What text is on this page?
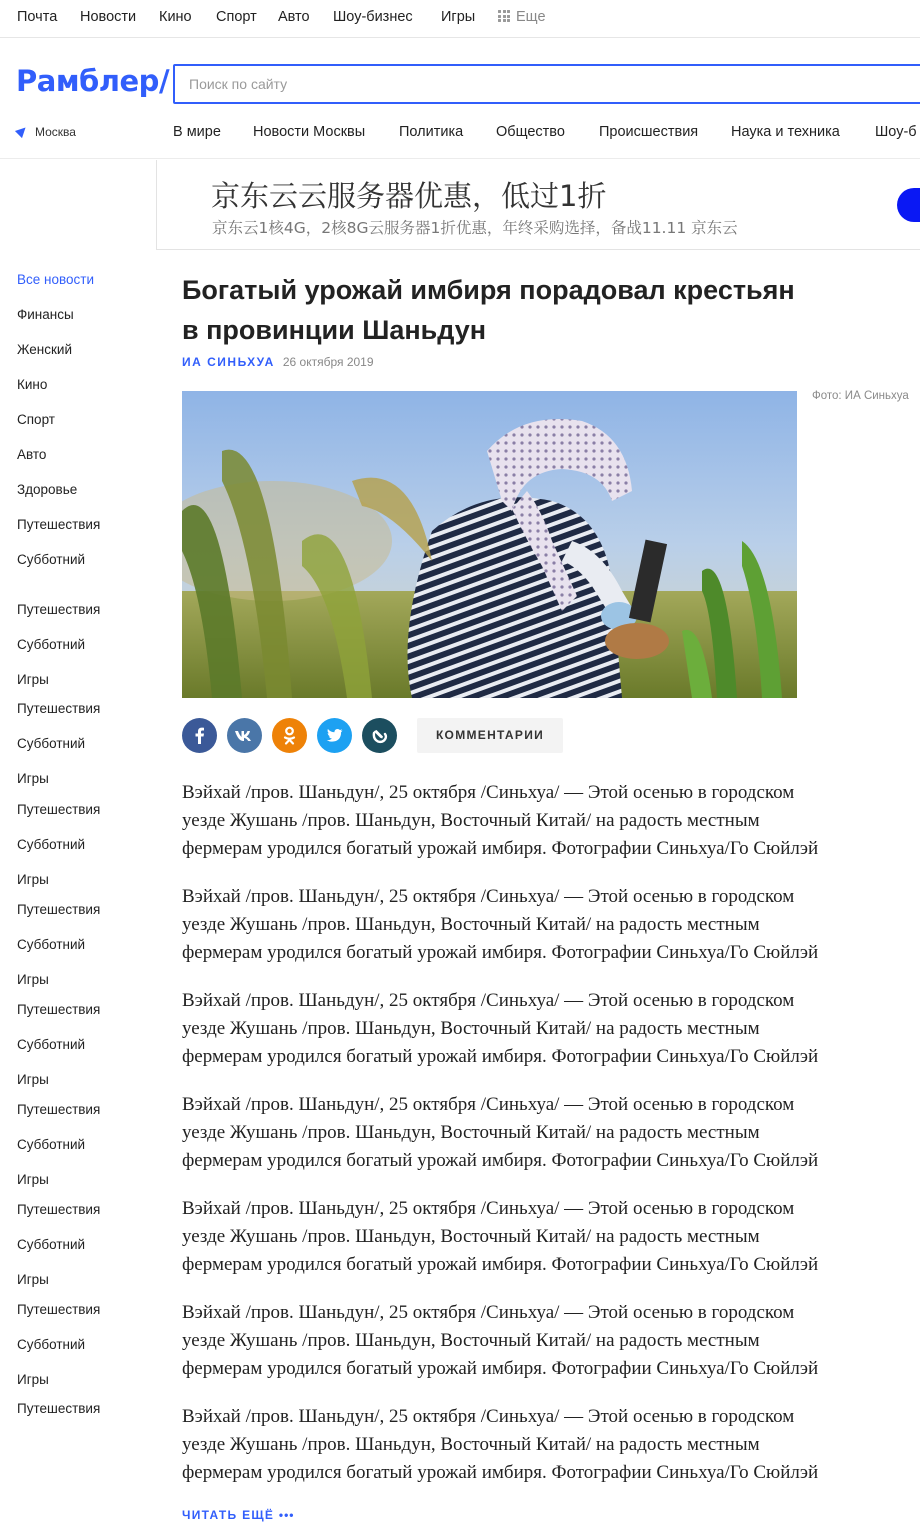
Почта Новости Кино Спорт Авто Шоу-бизнес Игры	Еще
Рамблер/
Поиск по сайту
Москва	В мире Новости Москвы Политика Общество Происшествия Наука и техника Шоу-б
京东云云服务器优惠，低过1折
京东云1核4G，2核8G云服务器1折优惠，年终采购选择，备战11.11 京东云
Все новости
Финансы
Женский
Кино
Спорт
Авто
Здоровье
Путешествия
Субботний
Путешествия
Субботний
Игры
Путешествия
Субботний
Игры
Путешествия
Субботний
Игры
Путешествия
Субботний
Игры
Путешествия
Субботний
Игры
Путешествия
Субботний
Игры
Путешествия
Субботний
Игры
Путешествия
Субботний
Игры
Путешествия
Богатый урожай имбиря порадовал крестьян
в провинции Шаньдун
ИА СИНЬХУА 26 октября 2019
Фото: ИА Синьхуа
КОММЕНТАРИИ
Вэйхай /пров. Шаньдун/, 25 октября /Синьхуа/ — Этой осенью в городском
уезде Жушань /пров. Шаньдун, Восточный Китай/ на радость местным
фермерам уродился богатый урожай имбиря. Фотографии Синьхуа/Го Сюйлэй
Вэйхай /пров. Шаньдун/, 25 октября /Синьхуа/ — Этой осенью в городском
уезде Жушань /пров. Шаньдун, Восточный Китай/ на радость местным
фермерам уродился богатый урожай имбиря. Фотографии Синьхуа/Го Сюйлэй
Вэйхай /пров. Шаньдун/, 25 октября /Синьхуа/ — Этой осенью в городском
уезде Жушань /пров. Шаньдун, Восточный Китай/ на радость местным
фермерам уродился богатый урожай имбиря. Фотографии Синьхуа/Го Сюйлэй
Вэйхай /пров. Шаньдун/, 25 октября /Синьхуа/ — Этой осенью в городском
уезде Жушань /пров. Шаньдун, Восточный Китай/ на радость местным
фермерам уродился богатый урожай имбиря. Фотографии Синьхуа/Го Сюйлэй
Вэйхай /пров. Шаньдун/, 25 октября /Синьхуа/ — Этой осенью в городском
уезде Жушань /пров. Шаньдун, Восточный Китай/ на радость местным
фермерам уродился богатый урожай имбиря. Фотографии Синьхуа/Го Сюйлэй
Вэйхай /пров. Шаньдун/, 25 октября /Синьхуа/ — Этой осенью в городском
уезде Жушань /пров. Шаньдун, Восточный Китай/ на радость местным
фермерам уродился богатый урожай имбиря. Фотографии Синьхуа/Го Сюйлэй
Вэйхай /пров. Шаньдун/, 25 октября /Синьхуа/ — Этой осенью в городском
уезде Жушань /пров. Шаньдун, Восточный Китай/ на радость местным
фермерам уродился богатый урожай имбиря. Фотографии Синьхуа/Го Сюйлэй
ЧИТАТЬ ЕЩЁ •••
